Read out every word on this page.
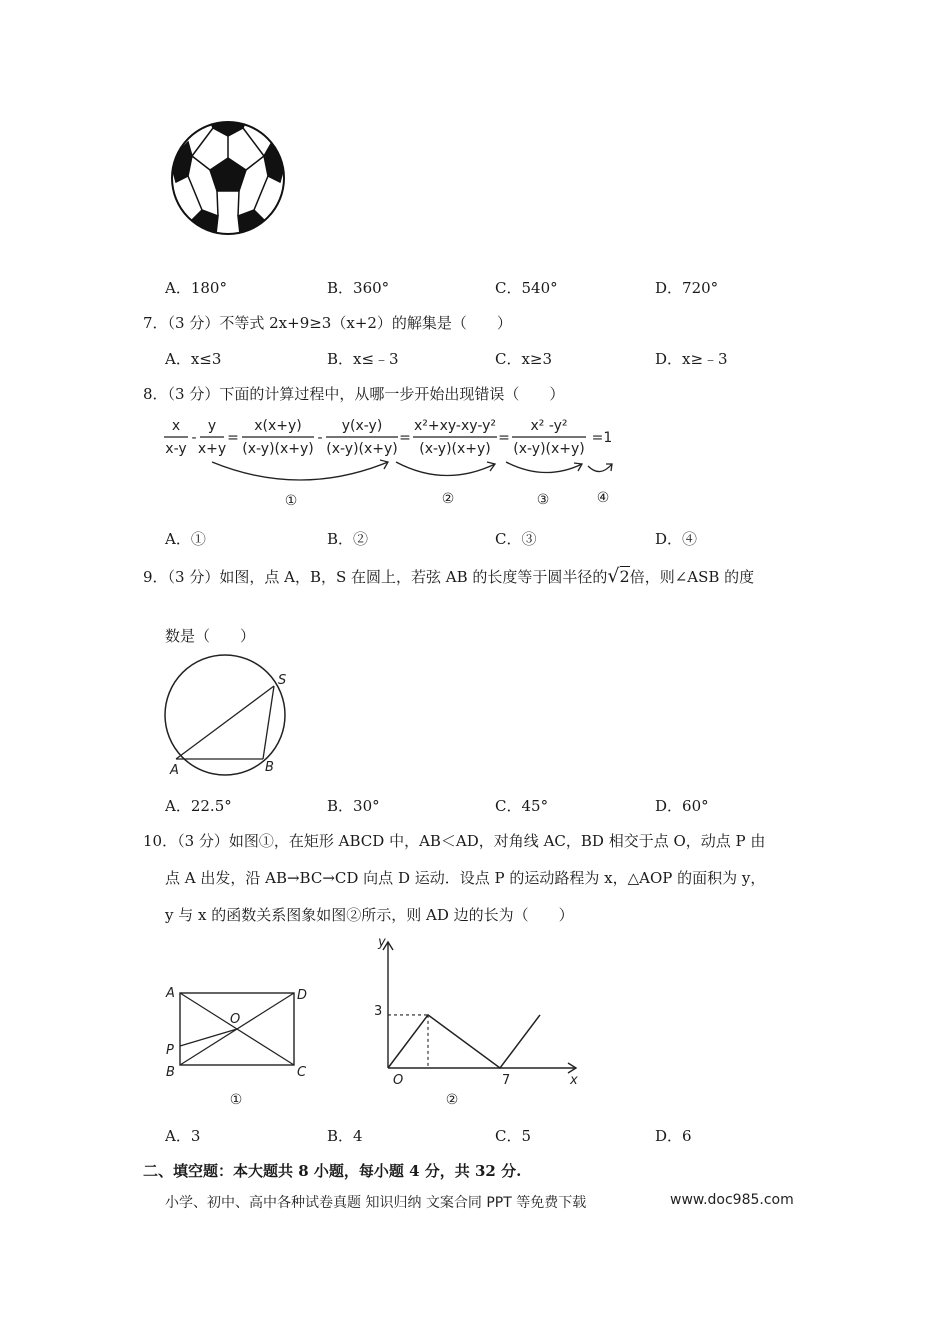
A．180°	B．360°	C．540°	D．720°
7．（3 分）不等式 2x+9≥3（x+2）的解集是（　　）
A．x≤3	B．x≤﹣3	C．x≥3	D．x≥﹣3
8．（3 分）下面的计算过程中，从哪一步开始出现错误（　　）
x
x-y
-
y
x+y
=
x(x+y)
(x-y)(x+y)
-
y(x-y)
(x-y)(x+y)
=
x²+xy-xy-y²
(x-y)(x+y)
=
x² -y²
(x-y)(x+y)
=1
①	②	③	④
A．①	B．②	C．③	D．④
9．（3 分）如图，点 A，B，S 在圆上，若弦 AB 的长度等于圆半径的√2倍，则∠ASB 的度
数是（　　）
S
A	B
A．22.5°	B．30°	C．45°	D．60°
10．（3 分）如图①，在矩形 ABCD 中，AB＜AD，对角线 AC，BD 相交于点 O，动点 P 由
点 A 出发，沿 AB→BC→CD 向点 D 运动．设点 P 的运动路程为 x，△AOP 的面积为 y，
y 与 x 的函数关系图象如图②所示，则 AD 边的长为（　　）
A	D
O
P
B	C
①
y
x
O
3
7
②
A．3	B．4	C．5	D．6
二、填空题：本大题共 8 小题，每小题 4 分，共 32 分.
小学、初中、高中各种试卷真题 知识归纳 文案合同 PPT 等免费下载	www.doc985.com
